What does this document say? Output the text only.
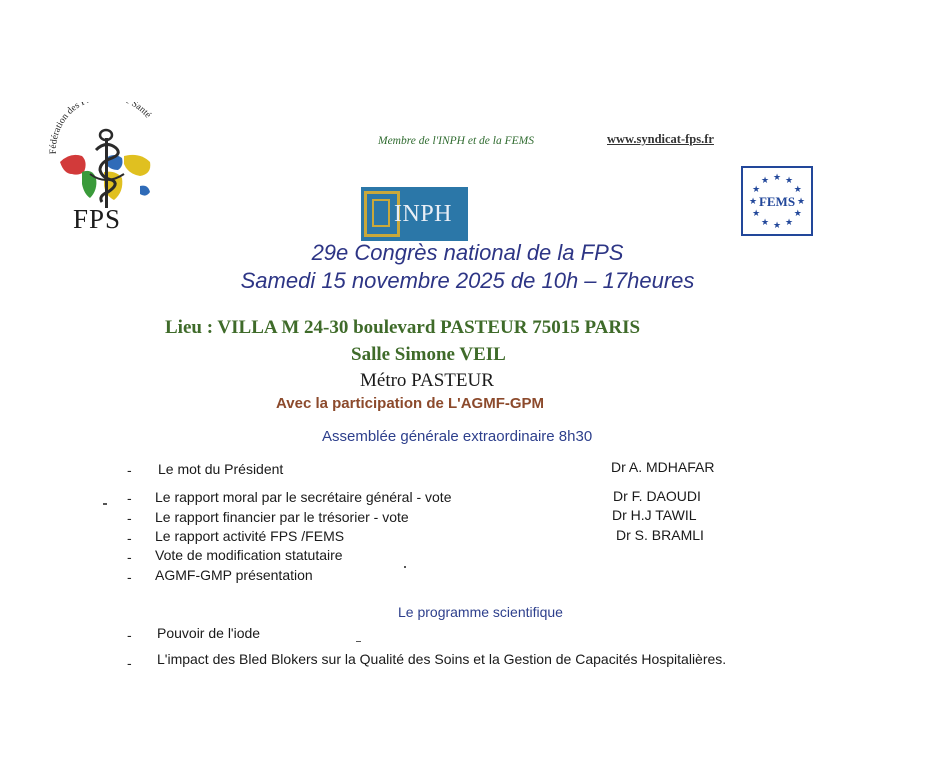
Fédération des P Santé
FPS
Membre de l'INPH et de la FEMS	www.syndicat-fps.fr
INPH
★ ★
★
★
★
★
★
★
★
★
★
★
FEMS
29e Congrès national de la FPS
Samedi 15 novembre 2025 de 10h – 17heures
Lieu : VILLA M 24-30 boulevard PASTEUR 75015 PARIS
Salle Simone VEIL
Métro PASTEUR
Avec la participation de L'AGMF-GPM
Assemblée générale extraordinaire 8h30
- Le mot du Président	Dr A. MDHAFAR
- Le rapport moral par le secrétaire général - vote	Dr F. DAOUDI
- Le rapport financier par le trésorier - vote	Dr H.J TAWIL
- Le rapport activité FPS /FEMS	Dr S. BRAMLI
- Vote de modification statutaire
- AGMF-GMP présentation
Le programme scientifique
- Pouvoir de l'iode
- L'impact des Bled Blokers sur la Qualité des Soins et la Gestion de Capacités Hospitalières.
